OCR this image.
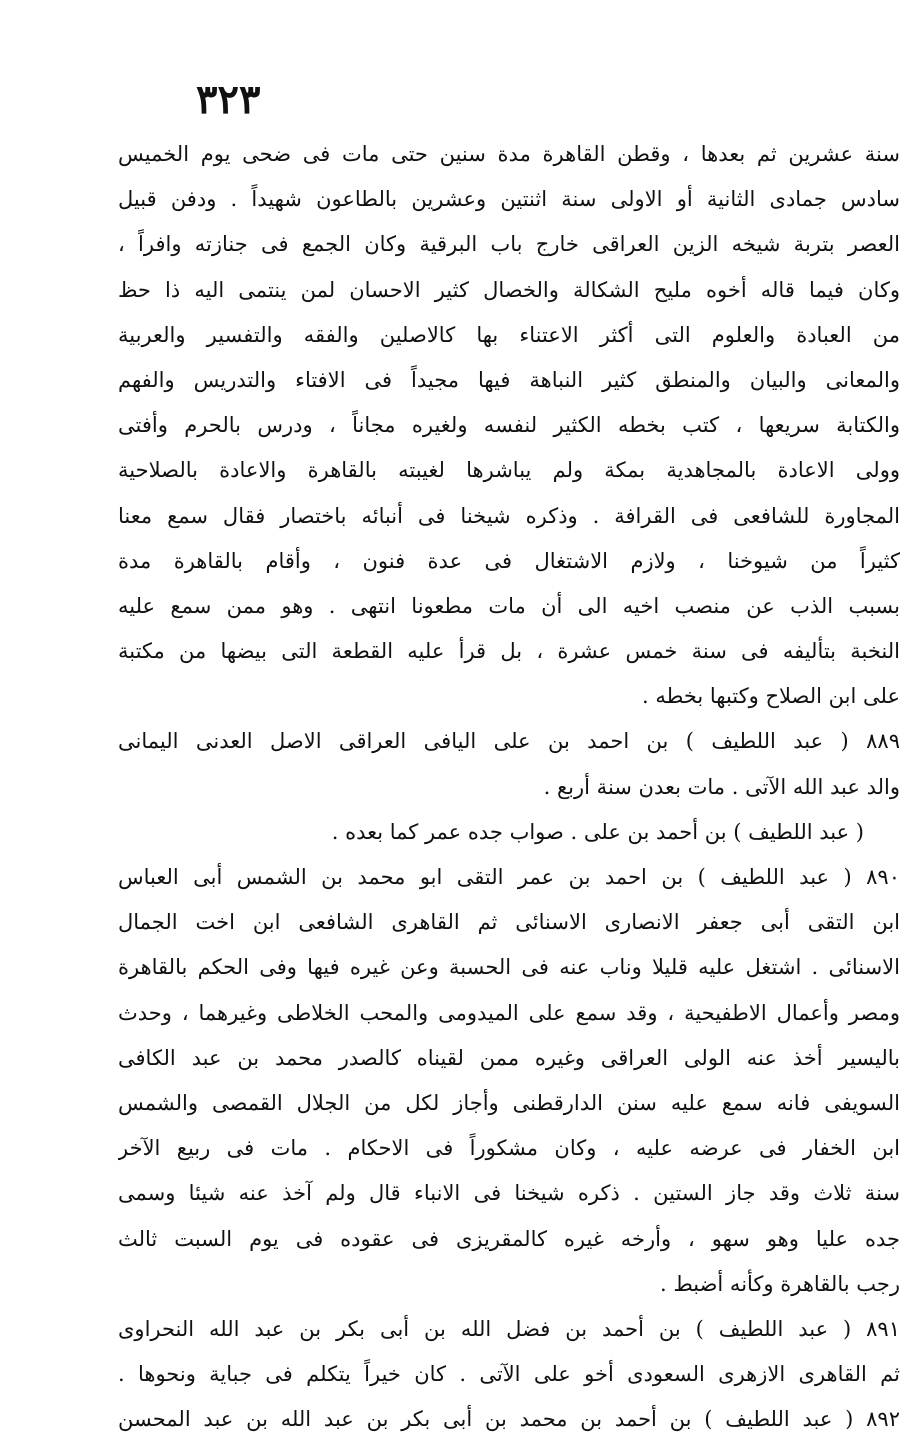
٣٢٣
سنة عشرين ثم بعدها ، وقطن القاهرة مدة سنين حتى مات فى ضحى يوم الخميس
سادس جمادى الثانية أو الاولى سنة اثنتين وعشرين بالطاعون شهيداً . ودفن قبيل
العصر بتربة شيخه الزين العراقى خارج باب البرقية وكان الجمع فى جنازته وافراً ،
وكان فيما قاله أخوه مليح الشكالة والخصال كثير الاحسان لمن ينتمى اليه ذا حظ
من العبادة والعلوم التى أكثر الاعتناء بها كالاصلين والفقه والتفسير والعربية
والمعانى والبيان والمنطق كثير النباهة فيها مجيداً فى الافتاء والتدريس والفهم
والكتابة سريعها ، كتب بخطه الكثير لنفسه ولغيره مجاناً ، ودرس بالحرم وأفتى
وولى الاعادة بالمجاهدية بمكة ولم يباشرها لغيبته بالقاهرة والاعادة بالصلاحية
المجاورة للشافعى فى القرافة . وذكره شيخنا فى أنبائه باختصار فقال سمع معنا
كثيراً من شيوخنا ، ولازم الاشتغال فى عدة فنون ، وأقام بالقاهرة مدة
بسبب الذب عن منصب اخيه الى أن مات مطعونا انتهى . وهو ممن سمع عليه
النخبة بتأليفه فى سنة خمس عشرة ، بل قرأ عليه القطعة التى بيضها من مكتبة
على ابن الصلاح وكتبها بخطه .
٨٨٩ ( عبد اللطيف ) بن احمد بن على اليافى العراقى الاصل العدنى اليمانى
والد عبد الله الآتى . مات بعدن سنة أربع .
( عبد اللطيف ) بن أحمد بن على . صواب جده عمر كما بعده .
٨٩٠ ( عبد اللطيف ) بن احمد بن عمر التقى ابو محمد بن الشمس أبى العباس
ابن التقى أبى جعفر الانصارى الاسنائى ثم القاهرى الشافعى ابن اخت الجمال
الاسنائى . اشتغل عليه قليلا وناب عنه فى الحسبة وعن غيره فيها وفى الحكم بالقاهرة
ومصر وأعمال الاطفيحية ، وقد سمع على الميدومى والمحب الخلاطى وغيرهما ، وحدث
باليسير أخذ عنه الولى العراقى وغيره ممن لقيناه كالصدر محمد بن عبد الكافى
السويفى فانه سمع عليه سنن الدارقطنى وأجاز لكل من الجلال القمصى والشمس
ابن الخفار فى عرضه عليه ، وكان مشكوراً فى الاحكام . مات فى ربيع الآخر
سنة ثلاث وقد جاز الستين . ذكره شيخنا فى الانباء قال ولم آخذ عنه شيئا وسمى
جده عليا وهو سهو ، وأرخه غيره كالمقريزى فى عقوده فى يوم السبت ثالث
رجب بالقاهرة وكأنه أضبط .
٨٩١ ( عبد اللطيف ) بن أحمد بن فضل الله بن أبى بكر بن عبد الله النحراوى
ثم القاهرى الازهرى السعودى أخو على الآتى . كان خيراً يتكلم فى جباية ونحوها .
٨٩٢ ( عبد اللطيف ) بن أحمد بن محمد بن أبى بكر بن عبد الله بن عبد المحسن
